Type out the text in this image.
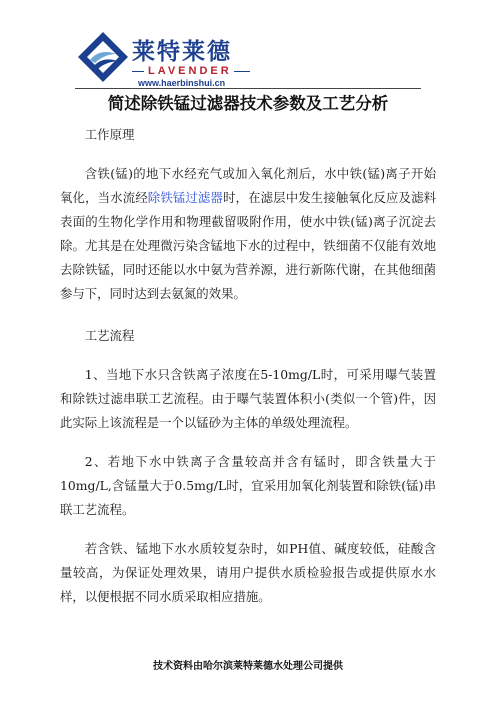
莱特莱德
LAVENDER
www.haerbinshui.cn
简述除铁锰过滤器技术参数及工艺分析

工作原理

含铁(锰)的地下水经充气或加入氧化剂后，水中铁(锰)离子开始氧化，当水流经除铁锰过滤器时，在滤层中发生接触氧化反应及滤料表面的生物化学作用和物理截留吸附作用，使水中铁(锰)离子沉淀去除。尤其是在处理微污染含锰地下水的过程中，铁细菌不仅能有效地去除铁锰，同时还能以水中氨为营养源，进行新陈代谢，在其他细菌参与下，同时达到去氨氮的效果。

工艺流程

1、当地下水只含铁离子浓度在5-10mg/L时，可采用曝气装置和除铁过滤串联工艺流程。由于曝气装置体积小(类似一个管)件，因此实际上该流程是一个以锰砂为主体的单级处理流程。

2、若地下水中铁离子含量较高并含有锰时，即含铁量大于10mg/L,含锰量大于0.5mg/L时，宜采用加氧化剂装置和除铁(锰)串联工艺流程。

若含铁、锰地下水水质较复杂时，如PH值、碱度较低，硅酸含量较高，为保证处理效果，请用户提供水质检验报告或提供原水水样，以便根据不同水质采取相应措施。

技术资料由哈尔滨莱特莱德水处理公司提供
